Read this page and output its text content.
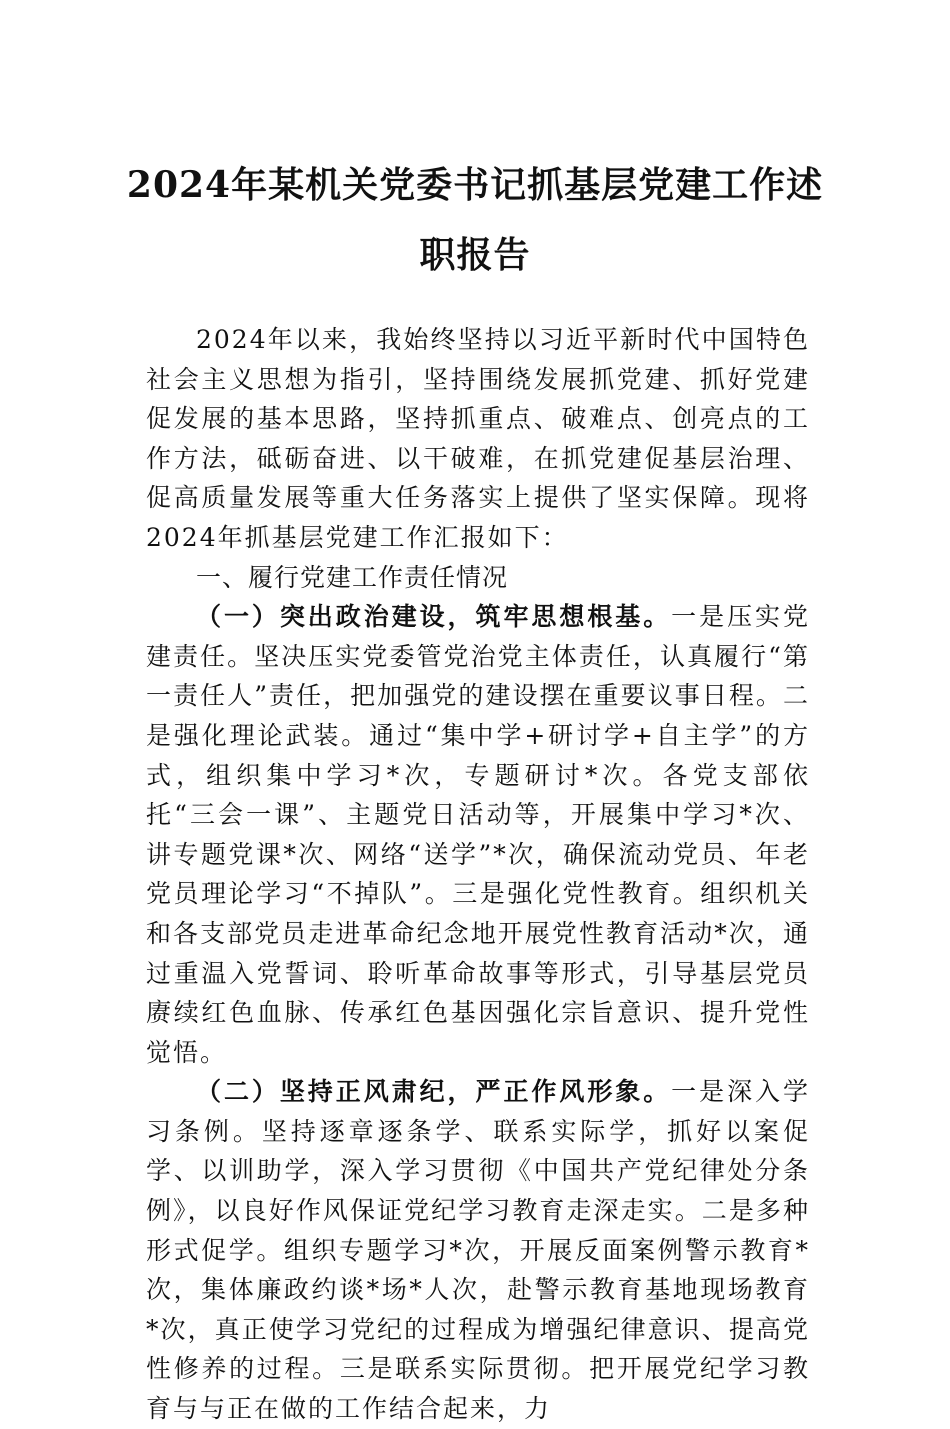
2024年某机关党委书记抓基层党建工作述职报告

2024年以来，我始终坚持以习近平新时代中国特色社会主义思想为指引，坚持围绕发展抓党建、抓好党建促发展的基本思路，坚持抓重点、破难点、创亮点的工作方法，砥砺奋进、以干破难，在抓党建促基层治理、促高质量发展等重大任务落实上提供了坚实保障。现将2024年抓基层党建工作汇报如下：

一、履行党建工作责任情况

（一）突出政治建设，筑牢思想根基。一是压实党建责任。坚决压实党委管党治党主体责任，认真履行“第一责任人”责任，把加强党的建设摆在重要议事日程。二是强化理论武装。通过“集中学+研讨学+自主学”的方式，组织集中学习*次，专题研讨*次。各党支部依托“三会一课”、主题党日活动等，开展集中学习*次、讲专题党课*次、网络“送学”*次，确保流动党员、年老党员理论学习“不掉队”。三是强化党性教育。组织机关和各支部党员走进革命纪念地开展党性教育活动*次，通过重温入党誓词、聆听革命故事等形式，引导基层党员赓续红色血脉、传承红色基因强化宗旨意识、提升党性觉悟。

（二）坚持正风肃纪，严正作风形象。一是深入学习条例。坚持逐章逐条学、联系实际学，抓好以案促学、以训助学，深入学习贯彻《中国共产党纪律处分条例》，以良好作风保证党纪学习教育走深走实。二是多种形式促学。组织专题学习*次，开展反面案例警示教育*次，集体廉政约谈*场*人次，赴警示教育基地现场教育*次，真正使学习党纪的过程成为增强纪律意识、提高党性修养的过程。三是联系实际贯彻。把开展党纪学习教育与与正在做的工作结合起来，力
